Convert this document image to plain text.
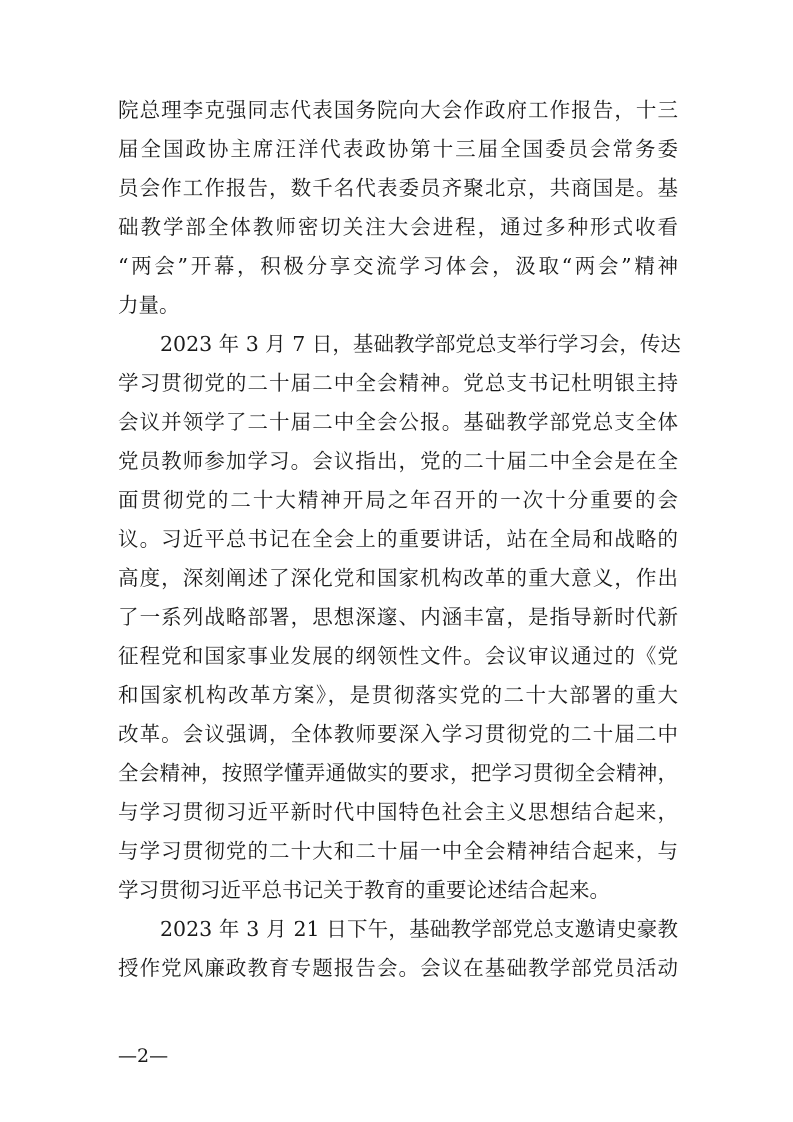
院总理李克强同志代表国务院向大会作政府工作报告，十三
届全国政协主席汪洋代表政协第十三届全国委员会常务委
员会作工作报告，数千名代表委员齐聚北京，共商国是。基
础教学部全体教师密切关注大会进程，通过多种形式收看
“两会”开幕，积极分享交流学习体会，汲取“两会”精神
力量。
2023 年 3 月 7 日，基础教学部党总支举行学习会，传达
学习贯彻党的二十届二中全会精神。党总支书记杜明银主持
会议并领学了二十届二中全会公报。基础教学部党总支全体
党员教师参加学习。会议指出，党的二十届二中全会是在全
面贯彻党的二十大精神开局之年召开的一次十分重要的会
议。习近平总书记在全会上的重要讲话，站在全局和战略的
高度，深刻阐述了深化党和国家机构改革的重大意义，作出
了一系列战略部署，思想深邃、内涵丰富，是指导新时代新
征程党和国家事业发展的纲领性文件。会议审议通过的《党
和国家机构改革方案》，是贯彻落实党的二十大部署的重大
改革。会议强调，全体教师要深入学习贯彻党的二十届二中
全会精神，按照学懂弄通做实的要求，把学习贯彻全会精神，
与学习贯彻习近平新时代中国特色社会主义思想结合起来，
与学习贯彻党的二十大和二十届一中全会精神结合起来，与
学习贯彻习近平总书记关于教育的重要论述结合起来。
2023 年 3 月 21 日下午，基础教学部党总支邀请史豪教
授作党风廉政教育专题报告会。会议在基础教学部党员活动
—2—
